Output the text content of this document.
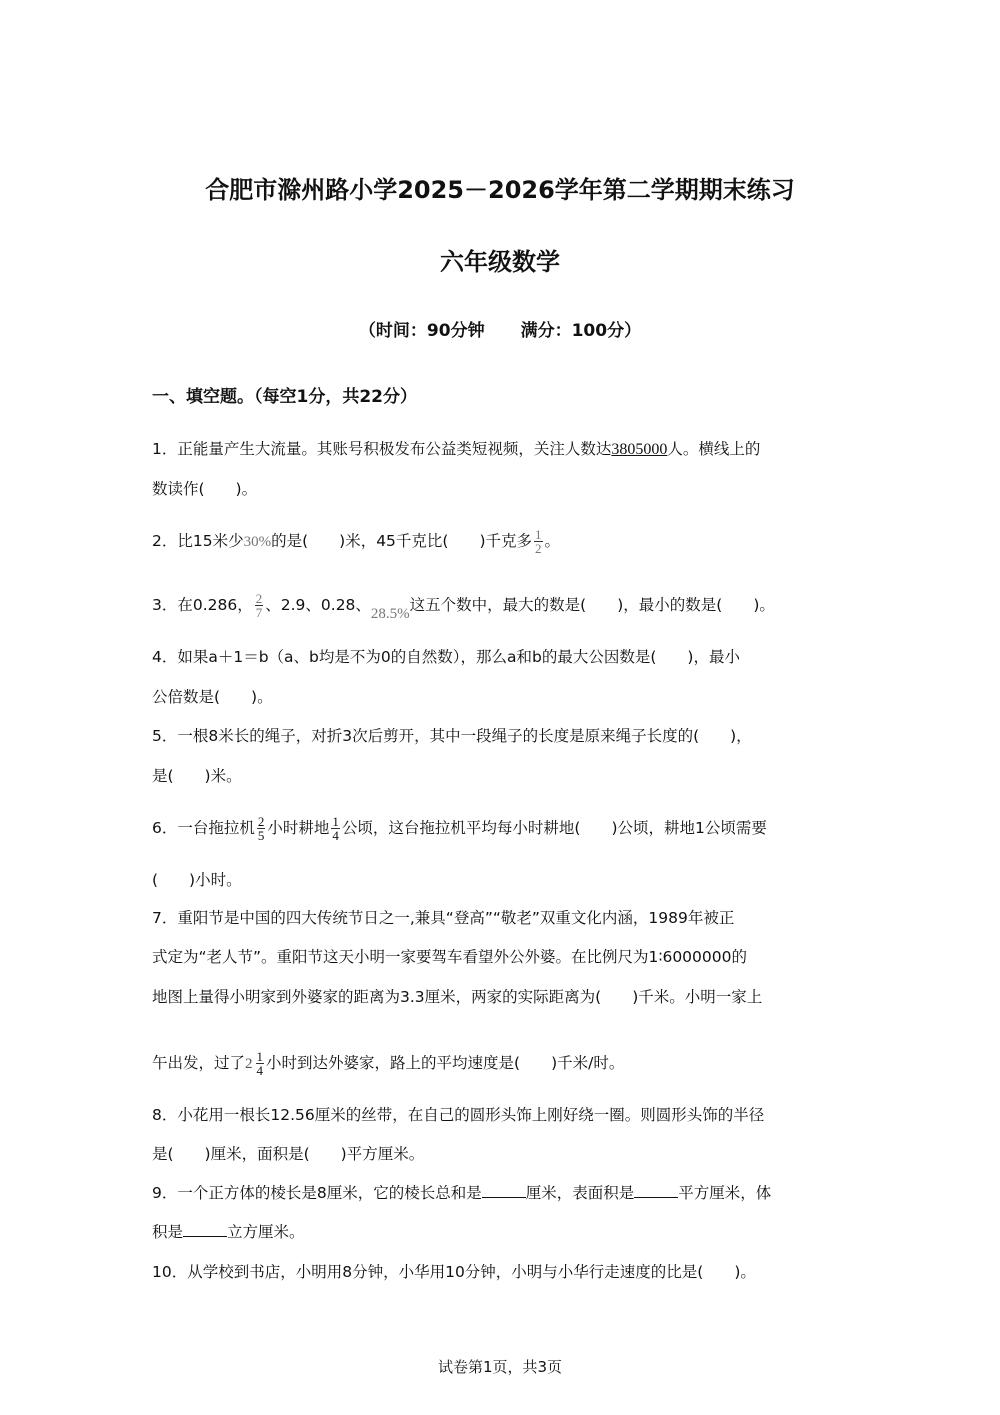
合肥市滁州路小学2025－2026学年第二学期期末练习
六年级数学
（时间：90分钟 满分：100分）
一、填空题。（每空1分，共22分）
1．正能量产生大流量。其账号积极发布公益类短视频，关注人数达3805000人。横线上的
数读作(　　)。
2．比15米少30%的是(　　)米，45千克比(　　)千克多 $\frac{1}{2}$ 。
3．在0.286， $\frac{2}{7}$ 、2.9、0.28、28.5%这五个数中，最大的数是(　　)，最小的数是(　　)。
4．如果a＋1＝b（a、b均是不为0的自然数），那么a和b的最大公因数是(　　)，最小
公倍数是(　　)。
5．一根8米长的绳子，对折3次后剪开，其中一段绳子的长度是原来绳子长度的(　　)，
是(　　)米。
6．一台拖拉机 $\frac{2}{5}$ 小时耕地 $\frac{1}{4}$ 公顷，这台拖拉机平均每小时耕地(　　)公顷，耕地1公顷需要
(　　)小时。
7．重阳节是中国的四大传统节日之一,兼具“登高”“敬老”双重文化内涵，1989年被正
式定为“老人节”。重阳节这天小明一家要驾车看望外公外婆。在比例尺为1∶6000000的
地图上量得小明家到外婆家的距离为3.3厘米，两家的实际距离为(　　)千米。小明一家上
午出发，过了 $2 \frac{1}{4}$ 小时到达外婆家，路上的平均速度是(　　)千米/时。
8．小花用一根长12.56厘米的丝带，在自己的圆形头饰上刚好绕一圈。则圆形头饰的半径
是(　　)厘米，面积是(　　)平方厘米。
9．一个正方体的棱长是8厘米，它的棱长总和是	厘米，表面积是	平方厘米，体
积是	立方厘米。
10．从学校到书店，小明用8分钟，小华用10分钟，小明与小华行走速度的比是(　　)。
试卷第1页，共3页
